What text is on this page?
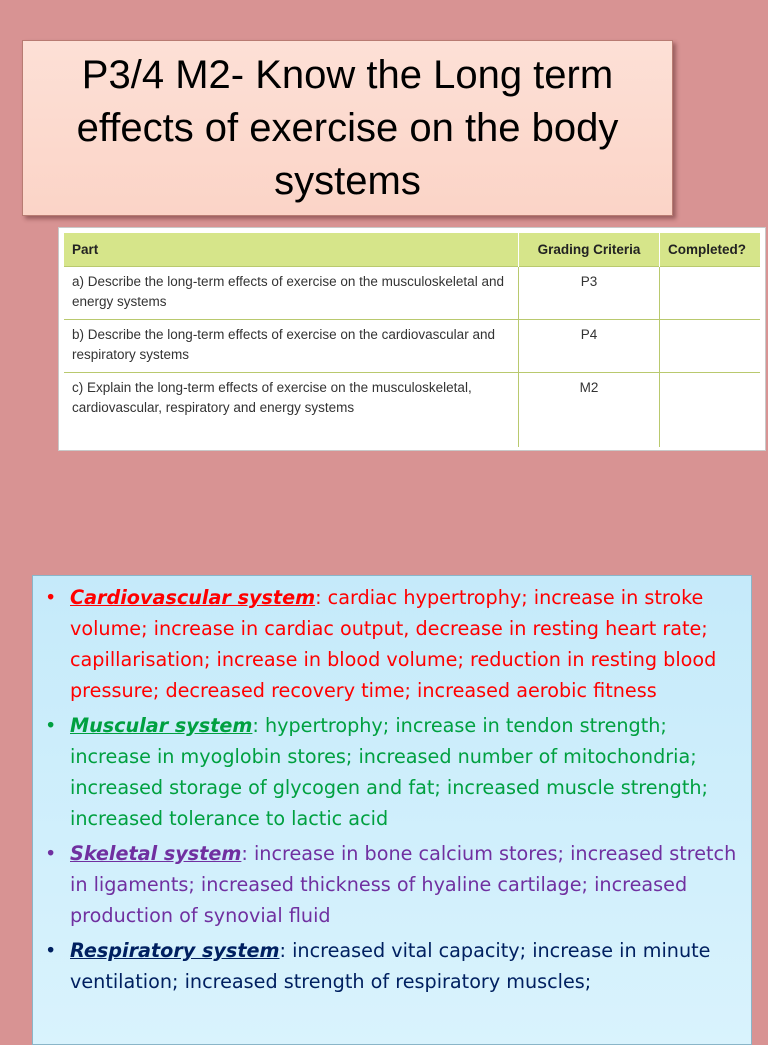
P3/4 M2- Know the Long term effects of exercise on the body systems
Part	Grading Criteria	Completed?
a) Describe the long-term effects of exercise on the musculoskeletal and energy systems	P3	
b) Describe the long-term effects of exercise on the cardiovascular and respiratory systems	P4	
c) Explain the long-term effects of exercise on the musculoskeletal, cardiovascular, respiratory and energy systems	M2	
• Cardiovascular system: cardiac hypertrophy; increase in stroke volume; increase in cardiac output, decrease in resting heart rate; capillarisation; increase in blood volume; reduction in resting blood pressure; decreased recovery time; increased aerobic fitness
• Muscular system: hypertrophy; increase in tendon strength; increase in myoglobin stores; increased number of mitochondria; increased storage of glycogen and fat; increased muscle strength; increased tolerance to lactic acid
• Skeletal system: increase in bone calcium stores; increased stretch in ligaments; increased thickness of hyaline cartilage; increased production of synovial fluid
• Respiratory system: increased vital capacity; increase in minute ventilation; increased strength of respiratory muscles;
